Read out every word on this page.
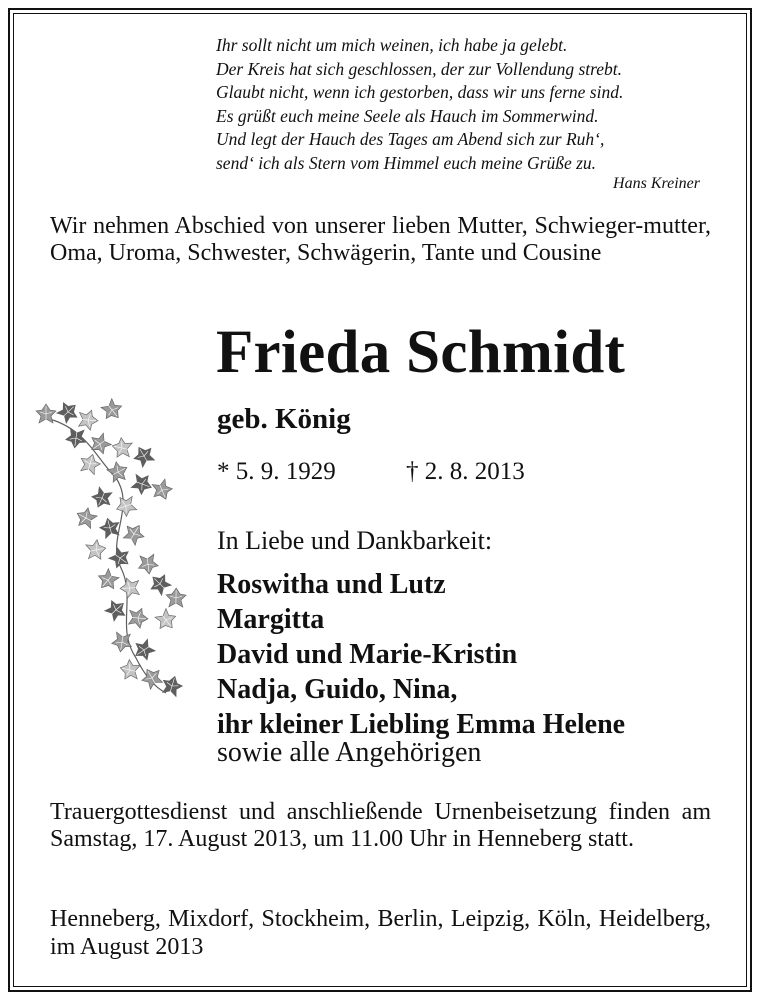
Ihr sollt nicht um mich weinen, ich habe ja gelebt.
Der Kreis hat sich geschlossen, der zur Vollendung strebt.
Glaubt nicht, wenn ich gestorben, dass wir uns ferne sind.
Es grüßt euch meine Seele als Hauch im Sommerwind.
Und legt der Hauch des Tages am Abend sich zur Ruh‘,
send‘ ich als Stern vom Himmel euch meine Grüße zu.
Hans Kreiner
Wir nehmen Abschied von unserer lieben Mutter, Schwieger-mutter, Oma, Uroma, Schwester, Schwägerin, Tante und Cousine
Frieda Schmidt
geb. König
* 5. 9. 1929	† 2. 8. 2013
In Liebe und Dankbarkeit:
Roswitha und Lutz
Margitta
David und Marie-Kristin
Nadja, Guido, Nina,
ihr kleiner Liebling Emma Helene
sowie alle Angehörigen
Trauergottesdienst und anschließende Urnenbeisetzung finden am Samstag, 17. August 2013, um 11.00 Uhr in Henneberg statt.
Henneberg, Mixdorf, Stockheim, Berlin, Leipzig, Köln, Heidelberg, im August 2013
